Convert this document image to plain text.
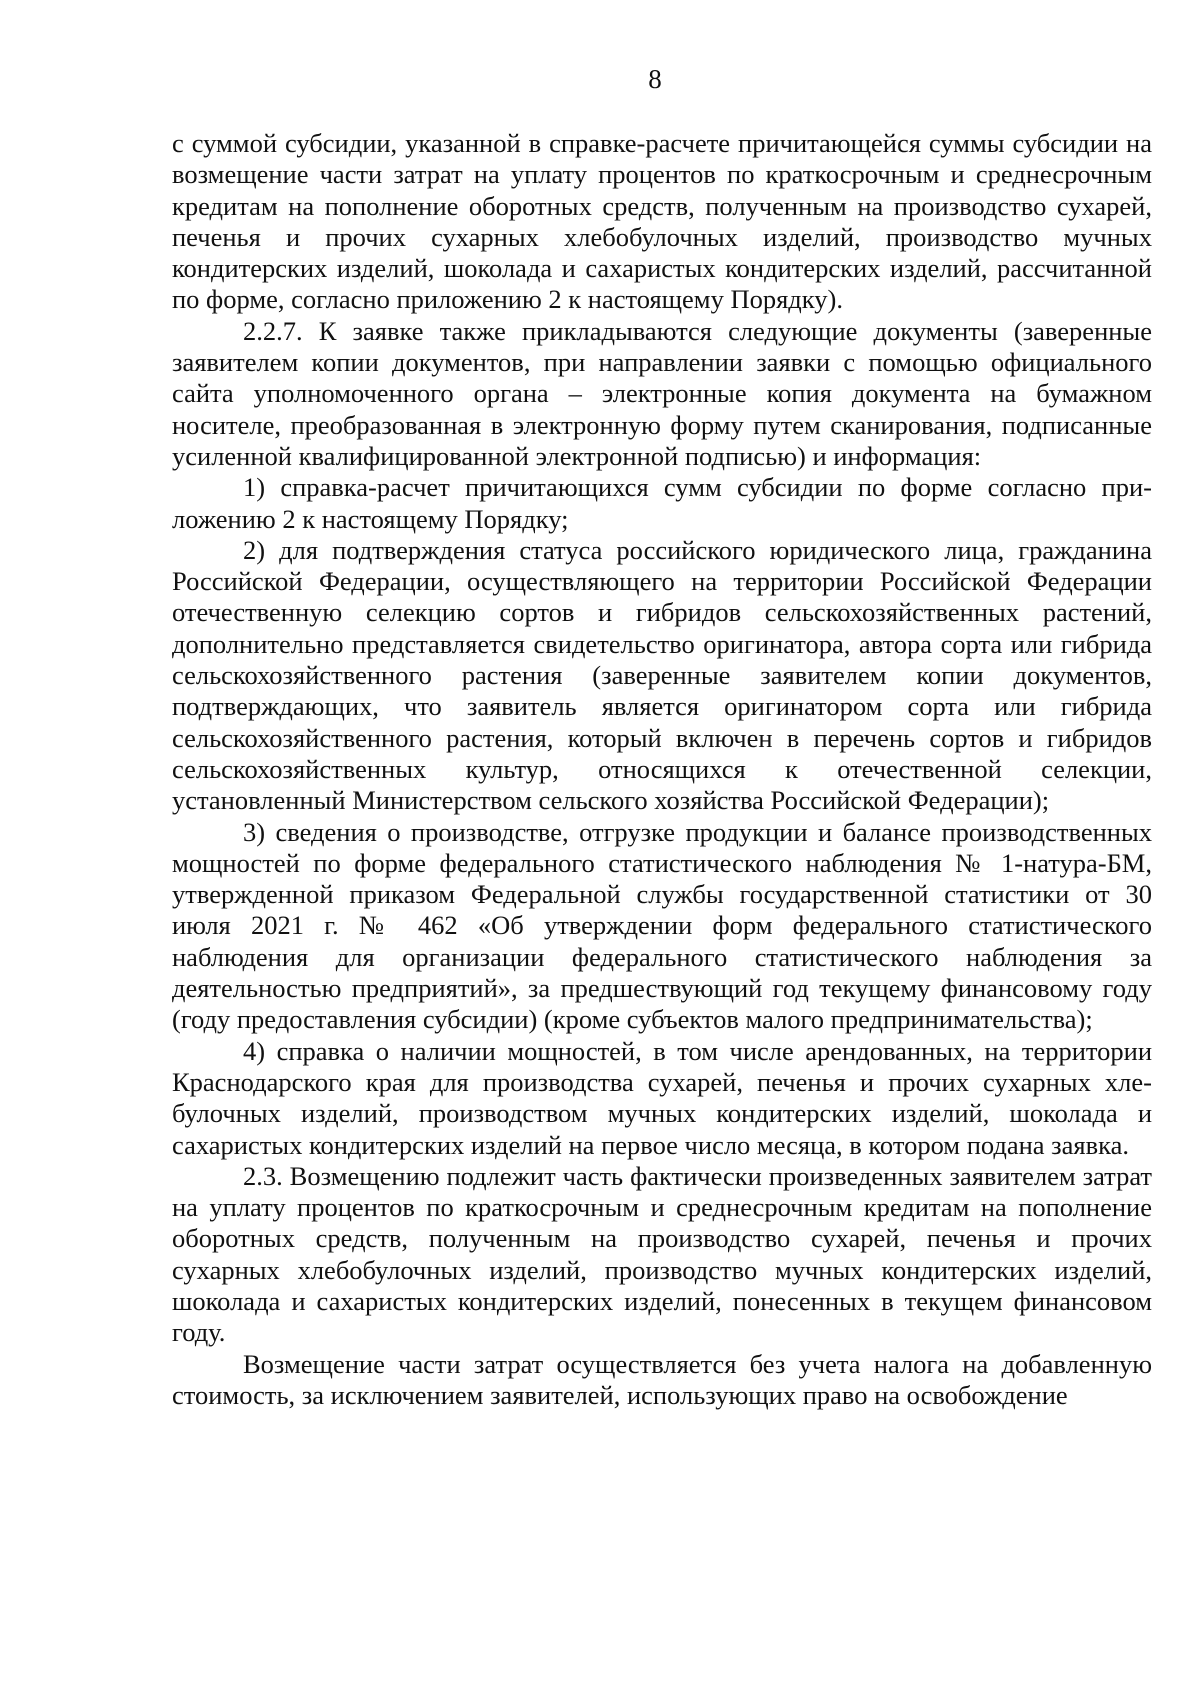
8

с суммой субсидии, указанной в справке-расчете причитающейся суммы субсидии на возмещение части затрат на уплату процентов по краткосрочным и среднесрочным кредитам на пополнение оборотных средств, полученным на производство сухарей, печенья и прочих сухарных хлебобулочных изделий, производство мучных кондитерских изделий, шоколада и сахаристых кондитерских изделий, рассчитанной по форме, согласно приложению 2 к настоящему Порядку).

2.2.7. К заявке также прикладываются следующие документы (заверенные заявителем копии документов, при направлении заявки с помощью официального сайта уполномоченного органа – электронные копия документа на бумажном носителе, преобразованная в электронную форму путем сканирования, подписанные усиленной квалифицированной электронной подписью) и информация:

1) справка-расчет причитающихся сумм субсидии по форме согласно приложению 2 к настоящему Порядку;

2) для подтверждения статуса российского юридического лица, гражданина Российской Федерации, осуществляющего на территории Российской Федерации отечественную селекцию сортов и гибридов сельскохозяйственных растений, дополнительно представляется свидетельство оригинатора, автора сорта или гибрида сельскохозяйственного растения (заверенные заявителем копии документов, подтверждающих, что заявитель является оригинатором сорта или гибрида сельскохозяйственного растения, который включен в перечень сортов и гибридов сельскохозяйственных культур, относящихся к отечественной селекции, установленный Министерством сельского хозяйства Российской Федерации);

3) сведения о производстве, отгрузке продукции и балансе производственных мощностей по форме федерального статистического наблюдения № 1-натура-БМ, утвержденной приказом Федеральной службы государственной статистики от 30 июля 2021 г. № 462 «Об утверждении форм федерального статистического наблюдения для организации федерального статистического наблюдения за деятельностью предприятий», за предшествующий год текущему финансовому году (году предоставления субсидии) (кроме субъектов малого предпринимательства);

4) справка о наличии мощностей, в том числе арендованных, на территории Краснодарского края для производства сухарей, печенья и прочих сухарных хлебулочных изделий, производством мучных кондитерских изделий, шоколада и сахаристых кондитерских изделий на первое число месяца, в котором подана заявка.

2.3. Возмещению подлежит часть фактически произведенных заявителем затрат на уплату процентов по краткосрочным и среднесрочным кредитам на пополнение оборотных средств, полученным на производство сухарей, печенья и прочих сухарных хлебобулочных изделий, производство мучных кондитерских изделий, шоколада и сахаристых кондитерских изделий, понесенных в текущем финансовом году.

Возмещение части затрат осуществляется без учета налога на добавленную стоимость, за исключением заявителей, использующих право на освобождение
